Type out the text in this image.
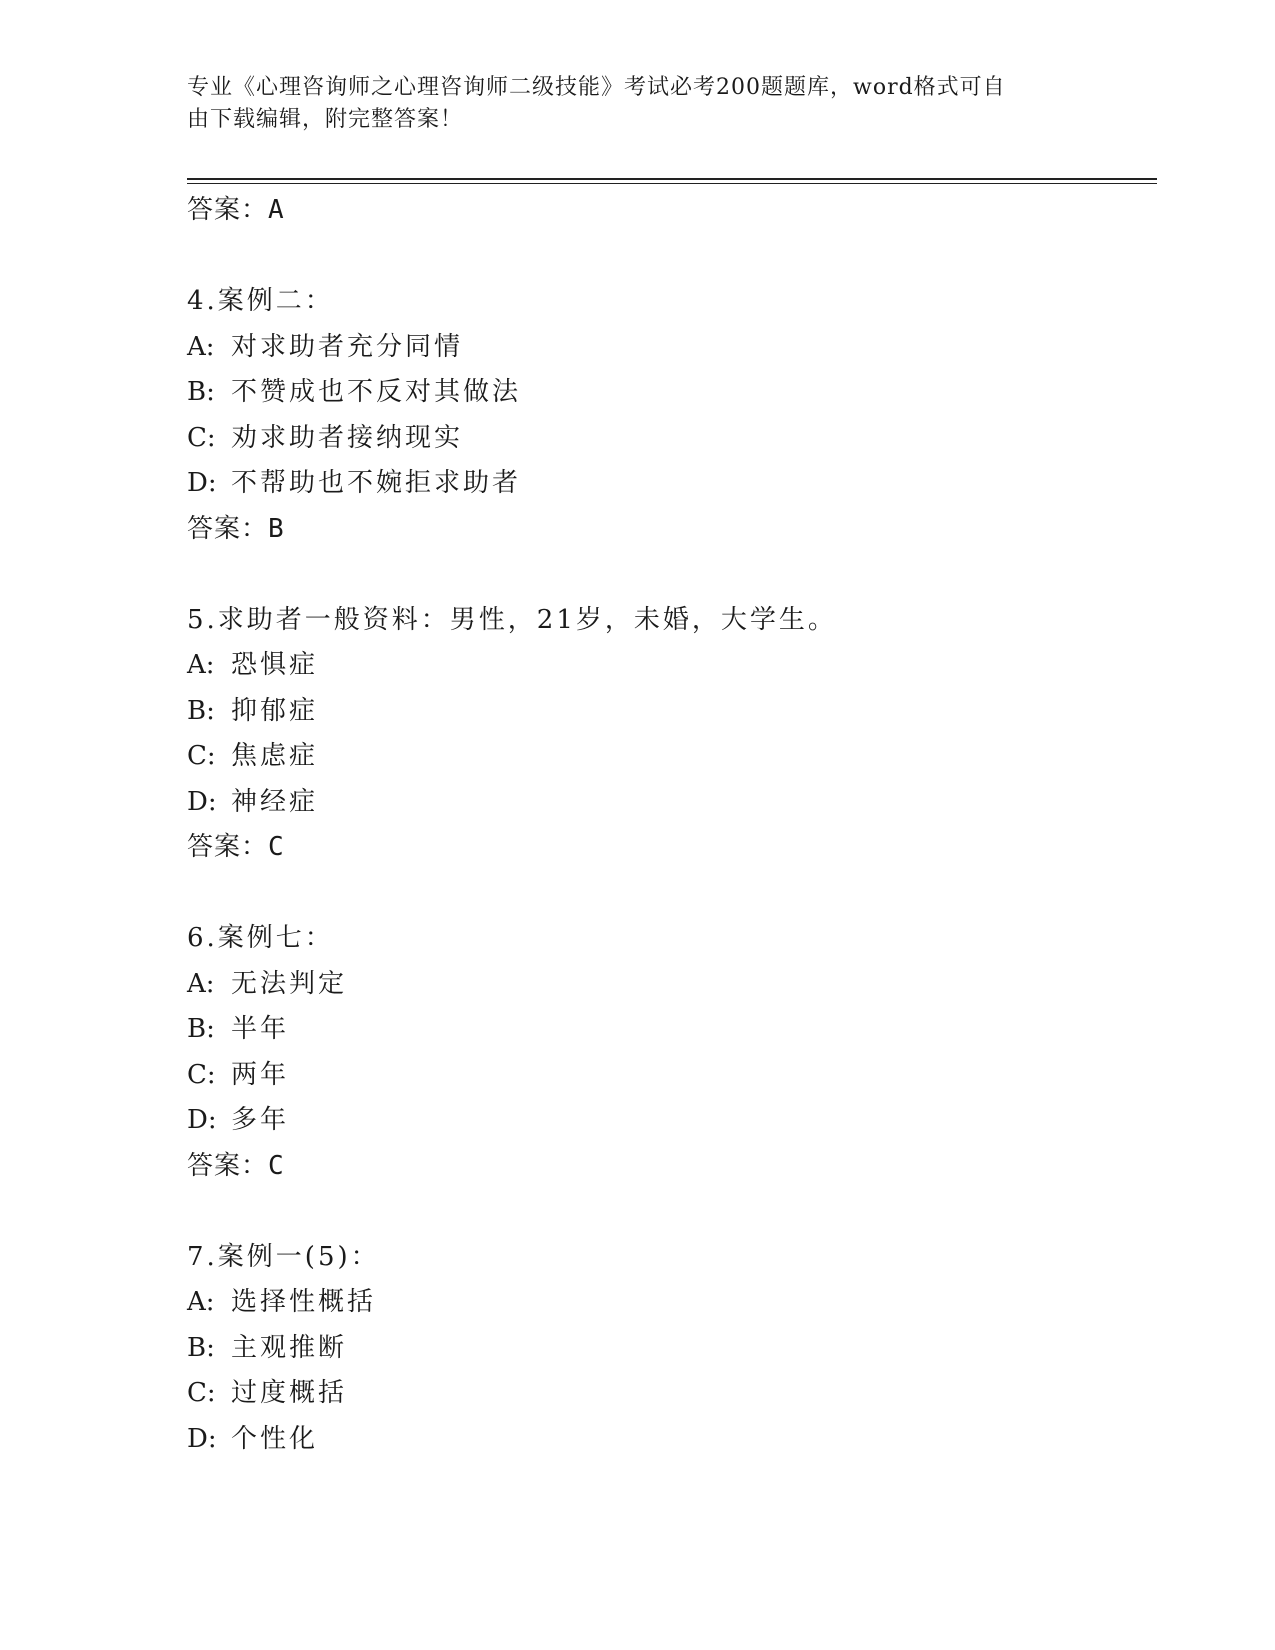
专业《心理咨询师之心理咨询师二级技能》考试必考200题题库，word格式可自
由下载编辑，附完整答案！
答案：A
4.案例二：
A: 对求助者充分同情
B: 不赞成也不反对其做法
C: 劝求助者接纳现实
D: 不帮助也不婉拒求助者
答案：B
5.求助者一般资料：男性，21岁，未婚，大学生。
A: 恐惧症
B: 抑郁症
C: 焦虑症
D: 神经症
答案：C
6.案例七：
A: 无法判定
B: 半年
C: 两年
D: 多年
答案：C
7.案例一(5)：
A: 选择性概括
B: 主观推断
C: 过度概括
D: 个性化
